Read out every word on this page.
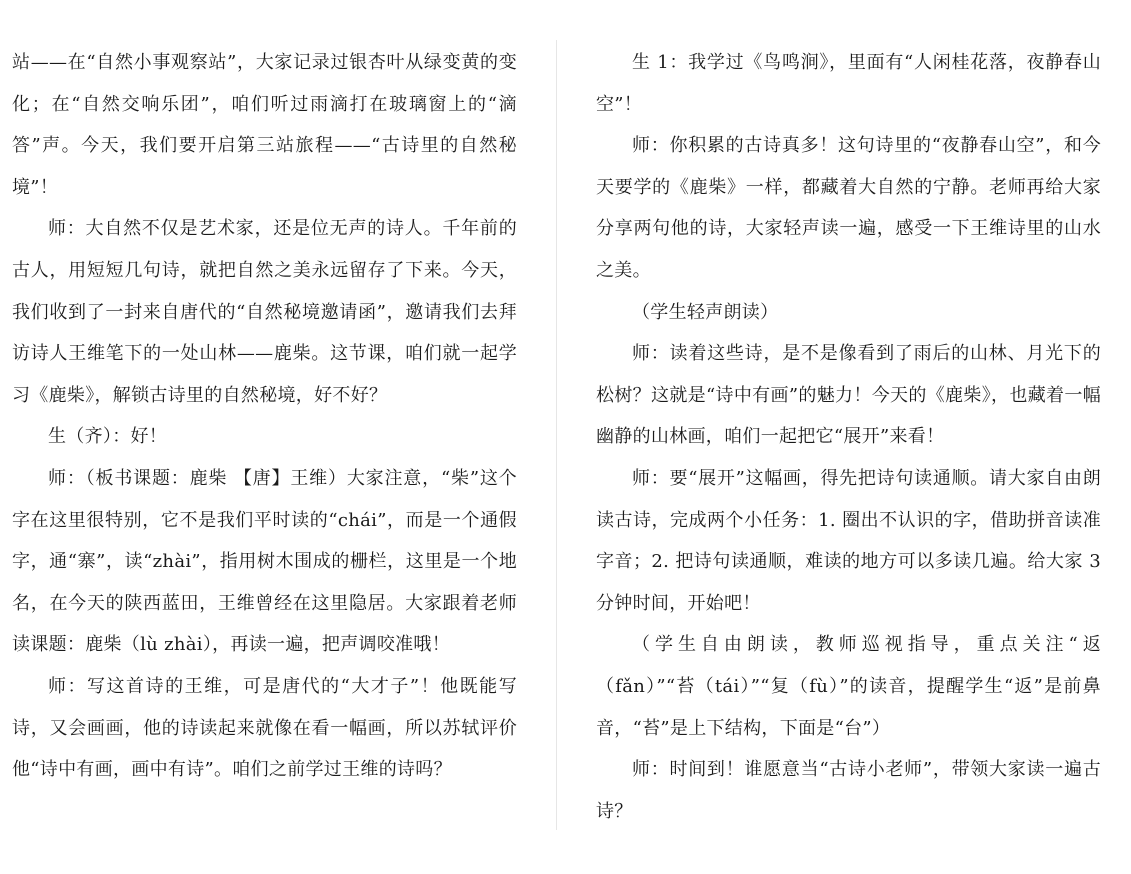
站——在“自然小事观察站”，大家记录过银杏叶从绿变黄的变化；在“自然交响乐团”，咱们听过雨滴打在玻璃窗上的“滴答”声。今天，我们要开启第三站旅程——“古诗里的自然秘境”！

师：大自然不仅是艺术家，还是位无声的诗人。千年前的古人，用短短几句诗，就把自然之美永远留存了下来。今天，我们收到了一封来自唐代的“自然秘境邀请函”，邀请我们去拜访诗人王维笔下的一处山林——鹿柴。这节课，咱们就一起学习《鹿柴》，解锁古诗里的自然秘境，好不好？

生（齐）：好！

师：（板书课题：鹿柴 【唐】王维）大家注意，“柴”这个字在这里很特别，它不是我们平时读的“chái”，而是一个通假字，通“寨”，读“zhài”，指用树木围成的栅栏，这里是一个地名，在今天的陕西蓝田，王维曾经在这里隐居。大家跟着老师读课题：鹿柴（lù zhài），再读一遍，把声调咬准哦！

师：写这首诗的王维，可是唐代的“大才子”！他既能写诗，又会画画，他的诗读起来就像在看一幅画，所以苏轼评价他“诗中有画，画中有诗”。咱们之前学过王维的诗吗？

生 1：我学过《鸟鸣涧》，里面有“人闲桂花落，夜静春山空”！

师：你积累的古诗真多！这句诗里的“夜静春山空”，和今天要学的《鹿柴》一样，都藏着大自然的宁静。老师再给大家分享两句他的诗，大家轻声读一遍，感受一下王维诗里的山水之美。

（学生轻声朗读）

师：读着这些诗，是不是像看到了雨后的山林、月光下的松树？这就是“诗中有画”的魅力！今天的《鹿柴》，也藏着一幅幽静的山林画，咱们一起把它“展开”来看！

师：要“展开”这幅画，得先把诗句读通顺。请大家自由朗读古诗，完成两个小任务：1. 圈出不认识的字，借助拼音读准字音；2. 把诗句读通顺，难读的地方可以多读几遍。给大家 3 分钟时间，开始吧！

（学生自由朗读，教师巡视指导，重点关注“返（fǎn）”“苔（tái）”“复（fù）”的读音，提醒学生“返”是前鼻音，“苔”是上下结构，下面是“台”）

师：时间到！谁愿意当“古诗小老师”，带领大家读一遍古诗？
